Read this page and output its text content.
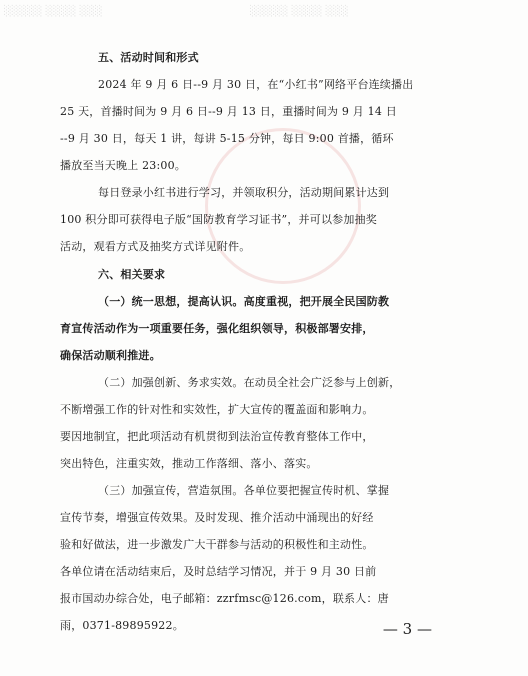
░░░░░ ░░░░ ░░░	░░░░░ ░░░░ ░░░
五、活动时间和形式
2024 年 9 月 6 日--9 月 30 日，在“小红书”网络平台连续播出
25 天，首播时间为 9 月 6 日--9 月 13 日，重播时间为 9 月 14 日
--9 月 30 日，每天 1 讲，每讲 5-15 分钟，每日 9:00 首播，循环
播放至当天晚上 23:00。
每日登录小红书进行学习，并领取积分，活动期间累计达到
100 积分即可获得电子版“国防教育学习证书”，并可以参加抽奖
活动，观看方式及抽奖方式详见附件。
六、相关要求
（一）统一思想，提高认识。高度重视，把开展全民国防教
育宣传活动作为一项重要任务，强化组织领导，积极部署安排，
确保活动顺利推进。
（二）加强创新、务求实效。在动员全社会广泛参与上创新，
不断增强工作的针对性和实效性，扩大宣传的覆盖面和影响力。
要因地制宜，把此项活动有机贯彻到法治宣传教育整体工作中，
突出特色，注重实效，推动工作落细、落小、落实。
（三）加强宣传，营造氛围。各单位要把握宣传时机、掌握
宣传节奏，增强宣传效果。及时发现、推介活动中涌现出的好经
验和好做法，进一步激发广大干群参与活动的积极性和主动性。
各单位请在活动结束后，及时总结学习情况，并于 9 月 30 日前
报市国动办综合处，电子邮箱：zzrfmsc@126.com，联系人：唐
雨，0371-89895922。	— 3 —
